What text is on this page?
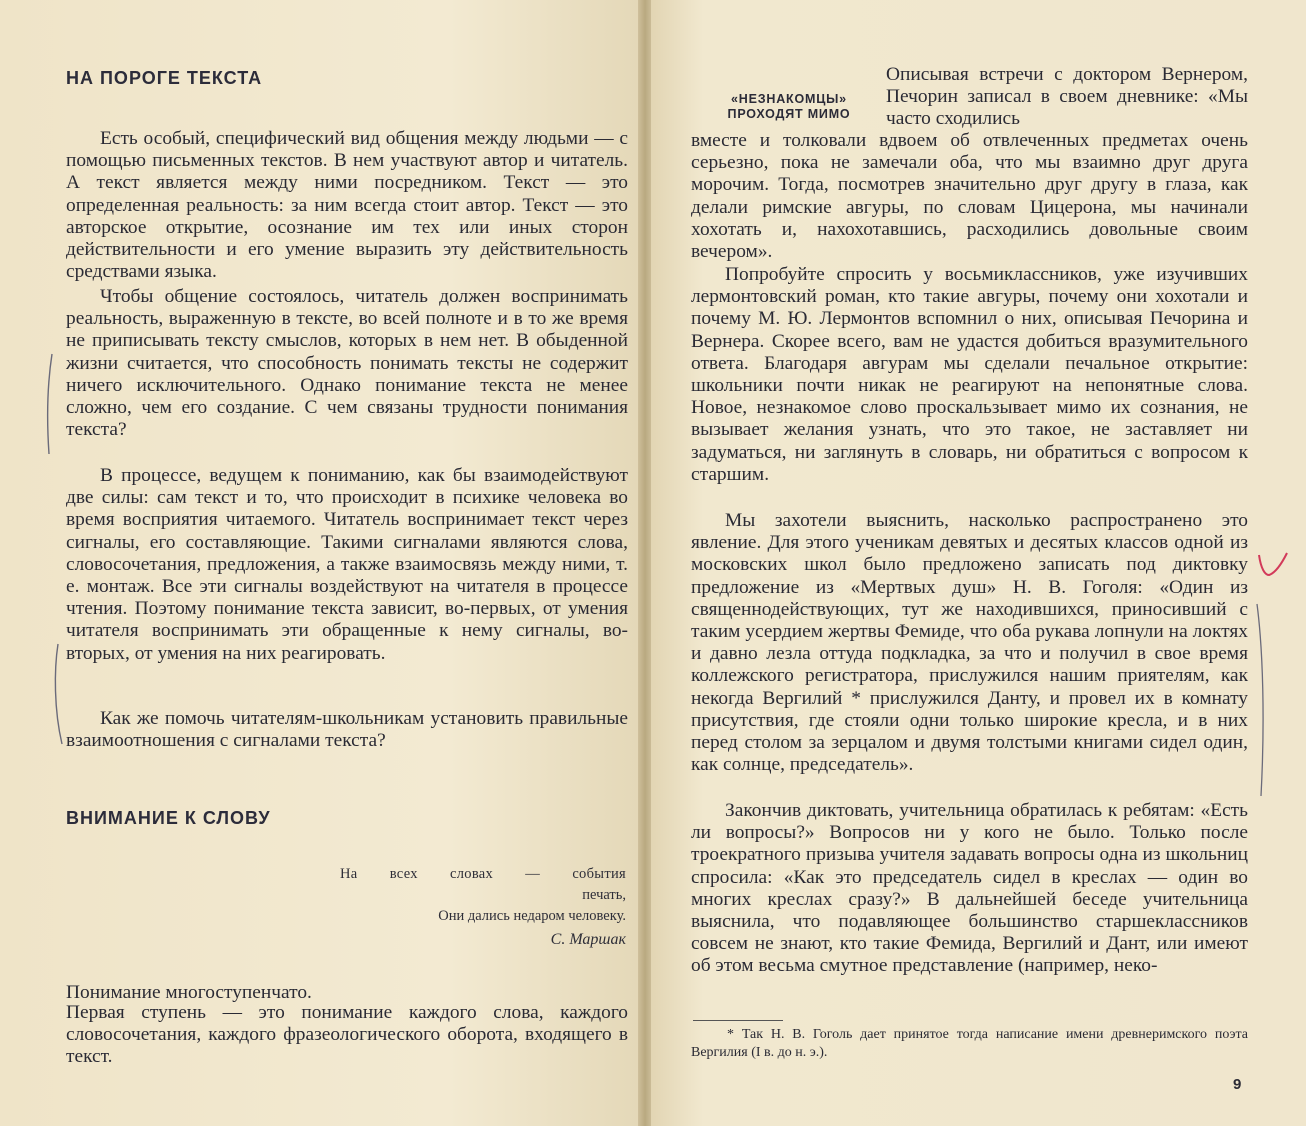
НА ПОРОГЕ ТЕКСТА

Есть особый, специфический вид общения между людьми — с помощью письменных текстов. В нем участвуют автор и читатель. А текст является между ними посредником. Текст — это определенная реальность: за ним всегда стоит автор. Текст — это авторское открытие, осознание им тех или иных сторон действительности и его умение выразить эту действительность средствами языка.

Чтобы общение состоялось, читатель должен воспринимать реальность, выраженную в тексте, во всей полноте и в то же время не приписывать тексту смыслов, которых в нем нет. В обыденной жизни считается, что способность понимать тексты не содержит ничего исключительного. Однако понимание текста не менее сложно, чем его создание. С чем связаны трудности понимания текста?

В процессе, ведущем к пониманию, как бы взаимодействуют две силы: сам текст и то, что происходит в психике человека во время восприятия читаемого. Читатель воспринимает текст через сигналы, его составляющие. Такими сигналами являются слова, словосочетания, предложения, а также взаимосвязь между ними, т. е. монтаж. Все эти сигналы воздействуют на читателя в процессе чтения. Поэтому понимание текста зависит, во-первых, от умения читателя воспринимать эти обращенные к нему сигналы, во-вторых, от умения на них реагировать.

Как же помочь читателям-школьникам установить правильные взаимоотношения с сигналами текста?

ВНИМАНИЕ К СЛОВУ
На всех словах — события
печать,
Они дались недаром человеку.
С. Маршак

Понимание многоступенчато.

Первая ступень — это понимание каждого слова, каждого словосочетания, каждого фразеологического оборота, входящего в текст.

«НЕЗНАКОМЦЫ»
ПРОХОДЯТ МИМО

Описывая встречи с доктором Вернером, Печорин записал в своем дневнике: «Мы часто сходились

вместе и толковали вдвоем об отвлеченных предметах очень серьезно, пока не замечали оба, что мы взаимно друг друга морочим. Тогда, посмотрев значительно друг другу в глаза, как делали римские авгуры, по словам Цицерона, мы начинали хохотать и, нахохотавшись, расходились довольные своим вечером».

Попробуйте спросить у восьмиклассников, уже изучивших лермонтовский роман, кто такие авгуры, почему они хохотали и почему М. Ю. Лермонтов вспомнил о них, описывая Печорина и Вернера. Скорее всего, вам не удастся добиться вразумительного ответа. Благодаря авгурам мы сделали печальное открытие: школьники почти никак не реагируют на непонятные слова. Новое, незнакомое слово проскальзывает мимо их сознания, не вызывает желания узнать, что это такое, не заставляет ни задуматься, ни заглянуть в словарь, ни обратиться с вопросом к старшим.

Мы захотели выяснить, насколько распространено это явление. Для этого ученикам девятых и десятых классов одной из московских школ было предложено записать под диктовку предложение из «Мертвых душ» Н. В. Гоголя: «Один из священнодействующих, тут же находившихся, приносивший с таким усердием жертвы Фемиде, что оба рукава лопнули на локтях и давно лезла оттуда подкладка, за что и получил в свое время коллежского регистратора, прислужился нашим приятелям, как некогда Вергилий * прислужился Данту, и провел их в комнату присутствия, где стояли одни только широкие кресла, и в них перед столом за зерцалом и двумя толстыми книгами сидел один, как солнце, председатель».

Закончив диктовать, учительница обратилась к ребятам: «Есть ли вопросы?» Вопросов ни у кого не было. Только после троекратного призыва учителя задавать вопросы одна из школьниц спросила: «Как это председатель сидел в креслах — один во многих креслах сразу?» В дальнейшей беседе учительница выяснила, что подавляющее большинство старшеклассников совсем не знают, кто такие Фемида, Вергилий и Дант, или имеют об этом весьма смутное представление (например, неко-

* Так Н. В. Гоголь дает принятое тогда написание имени древнеримского поэта Вергилия (I в. до н. э.).

9
